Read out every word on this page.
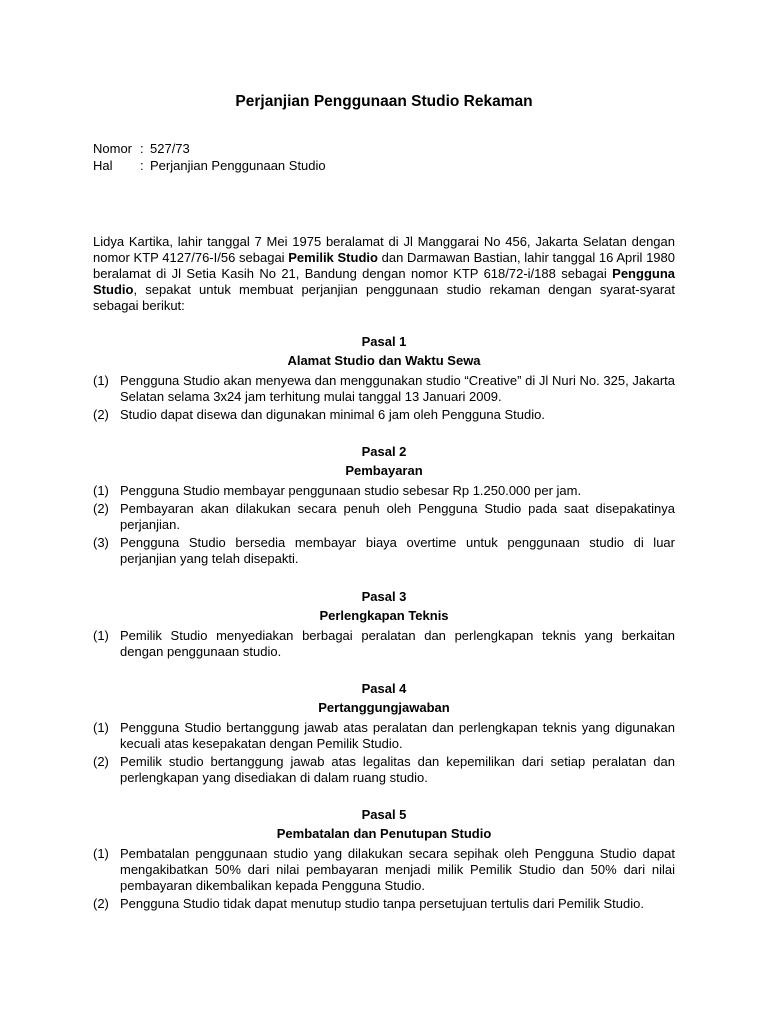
Perjanjian Penggunaan Studio Rekaman
Nomor : 527/73
Hal	: Perjanjian Penggunaan Studio
Lidya Kartika, lahir tanggal 7 Mei 1975 beralamat di Jl Manggarai No 456, Jakarta Selatan dengan nomor KTP 4127/76-I/56 sebagai Pemilik Studio dan Darmawan Bastian, lahir tanggal 16 April 1980 beralamat di Jl Setia Kasih No 21, Bandung dengan nomor KTP 618/72-i/188 sebagai Pengguna Studio, sepakat untuk membuat perjanjian penggunaan studio rekaman dengan syarat-syarat sebagai berikut:
Pasal 1
Alamat Studio dan Waktu Sewa
(1) Pengguna Studio akan menyewa dan menggunakan studio “Creative” di Jl Nuri No. 325, Jakarta Selatan selama 3x24 jam terhitung mulai tanggal 13 Januari 2009.
(2) Studio dapat disewa dan digunakan minimal 6 jam oleh Pengguna Studio.
Pasal 2
Pembayaran
(1) Pengguna Studio membayar penggunaan studio sebesar Rp 1.250.000 per jam.
(2) Pembayaran akan dilakukan secara penuh oleh Pengguna Studio pada saat disepakatinya perjanjian.
(3) Pengguna Studio bersedia membayar biaya overtime untuk penggunaan studio di luar perjanjian yang telah disepakti.
Pasal 3
Perlengkapan Teknis
(1) Pemilik Studio menyediakan berbagai peralatan dan perlengkapan teknis yang berkaitan dengan penggunaan studio.
Pasal 4
Pertanggungjawaban
(1) Pengguna Studio bertanggung jawab atas peralatan dan perlengkapan teknis yang digunakan kecuali atas kesepakatan dengan Pemilik Studio.
(2) Pemilik studio bertanggung jawab atas legalitas dan kepemilikan dari setiap peralatan dan perlengkapan yang disediakan di dalam ruang studio.
Pasal 5
Pembatalan dan Penutupan Studio
(1) Pembatalan penggunaan studio yang dilakukan secara sepihak oleh Pengguna Studio dapat mengakibatkan 50% dari nilai pembayaran menjadi milik Pemilik Studio dan 50% dari nilai pembayaran dikembalikan kepada Pengguna Studio.
(2) Pengguna Studio tidak dapat menutup studio tanpa persetujuan tertulis dari Pemilik Studio.
